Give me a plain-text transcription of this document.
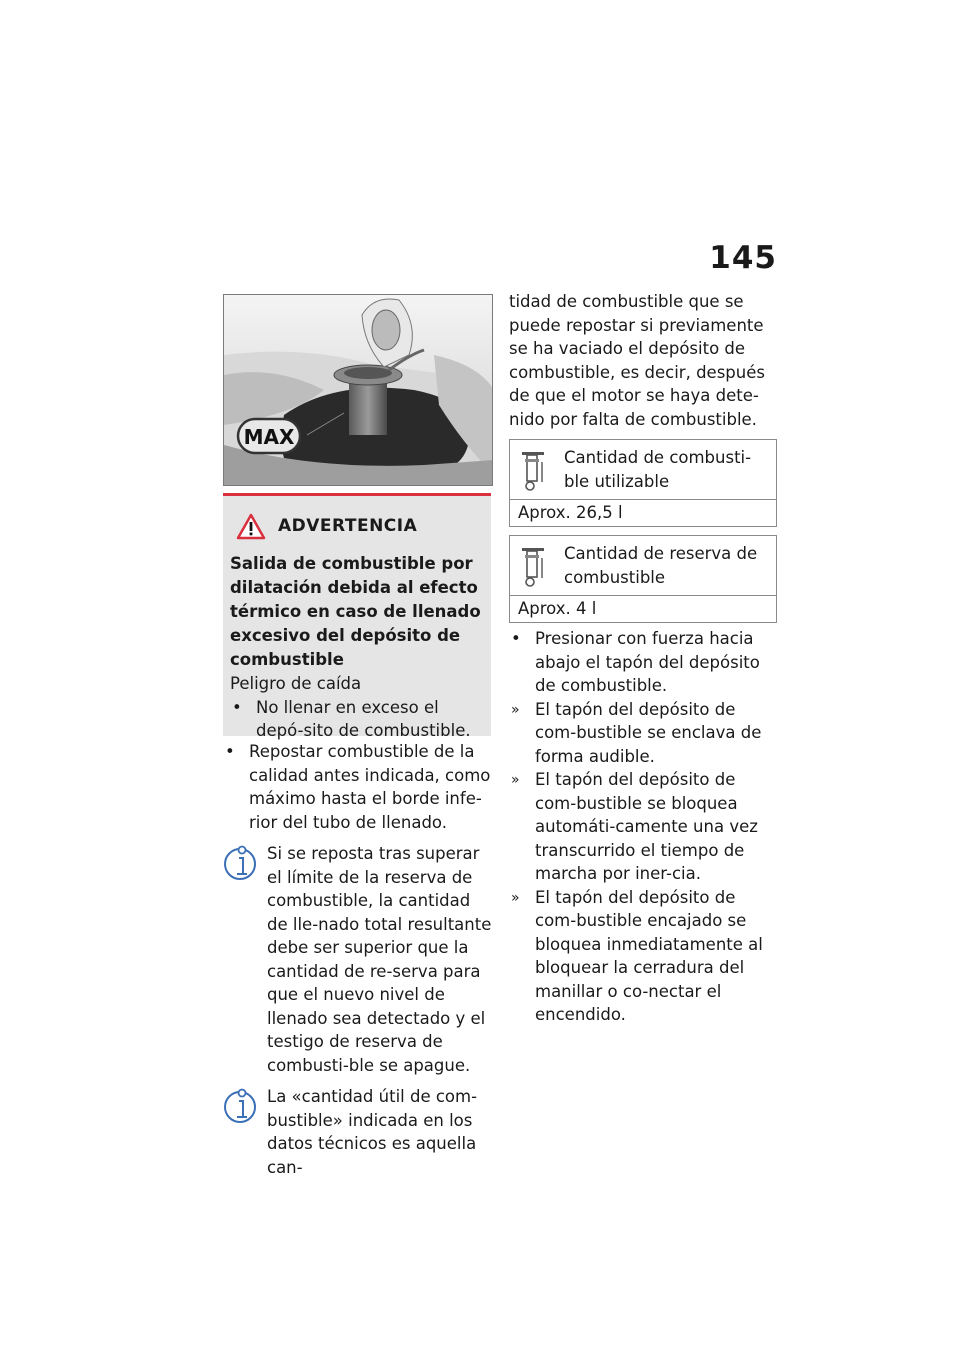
145
MAX
ADVERTENCIA
Salida de combustible por dilatación debida al efecto térmico en caso de llenado excesivo del depósito de combustible
Peligro de caída
• No llenar en exceso el depó-sito de combustible.
• Repostar combustible de la calidad antes indicada, como máximo hasta el borde infe-rior del tubo de llenado.
Si se reposta tras superar el límite de la reserva de combustible, la cantidad de lle-nado total resultante debe ser superior que la cantidad de re-serva para que el nuevo nivel de llenado sea detectado y el testigo de reserva de combusti-ble se apague.
La «cantidad útil de com-bustible» indicada en los datos técnicos es aquella can-
tidad de combustible que se puede repostar si previamente se ha vaciado el depósito de combustible, es decir, después de que el motor se haya dete-nido por falta de combustible.
Cantidad de combusti-ble utilizable
Aprox. 26,5 l
Cantidad de reserva de combustible
Aprox. 4 l
• Presionar con fuerza hacia abajo el tapón del depósito de combustible.
» El tapón del depósito de com-bustible se enclava de forma audible.
» El tapón del depósito de com-bustible se bloquea automáti-camente una vez transcurrido el tiempo de marcha por iner-cia.
» El tapón del depósito de com-bustible encajado se bloquea inmediatamente al bloquear la cerradura del manillar o co-nectar el encendido.
